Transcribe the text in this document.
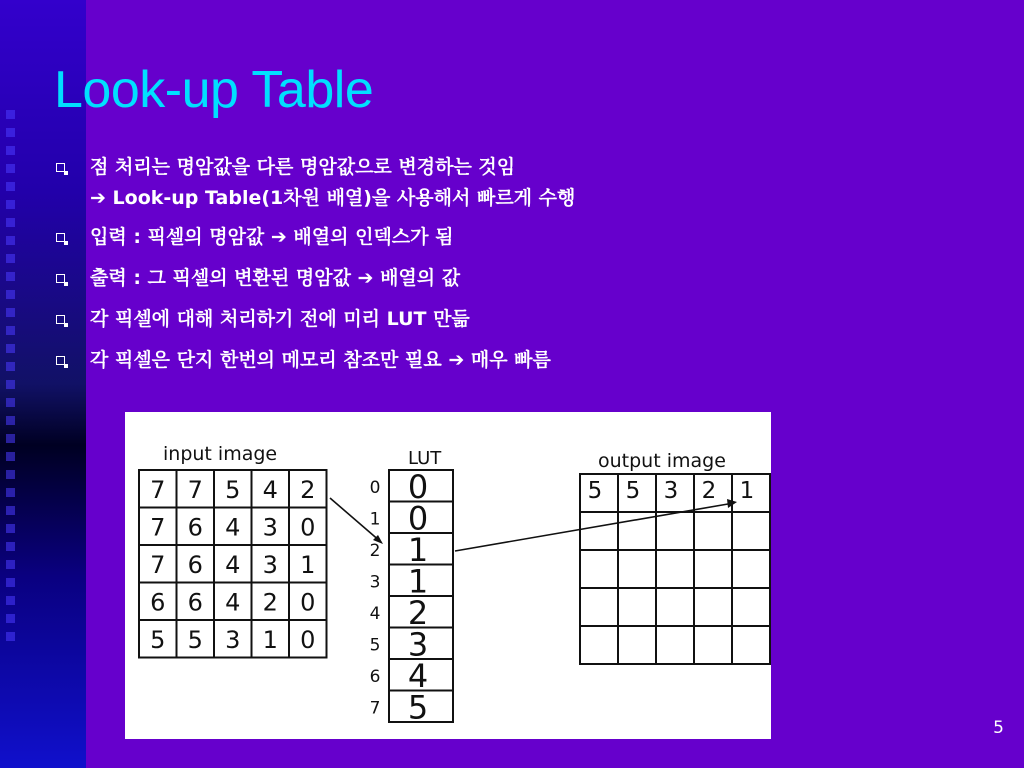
Look-up Table
점 처리는 명암값을 다른 명암값으로 변경하는 것임
➔ Look-up Table(1차원 배열)을 사용해서 빠르게 수행
입력 : 픽셀의 명암값 ➔ 배열의 인덱스가 됨
출력 : 그 픽셀의 변환된 명암값 ➔ 배열의 값
각 픽셀에 대해 처리하기 전에 미리 LUT 만듦
각 픽셀은 단지 한번의 메모리 참조만 필요 ➔ 매우 빠름
input image
7 7 5 4 2
7 6 4 3 0
7 6 4 3 1
6 6 4 2 0
5 5 3 1 0
LUT
0 0
1 0
2 1
3 1
4 2
5 3
6 4
7 5
output image
5 5 3 2 1
5
